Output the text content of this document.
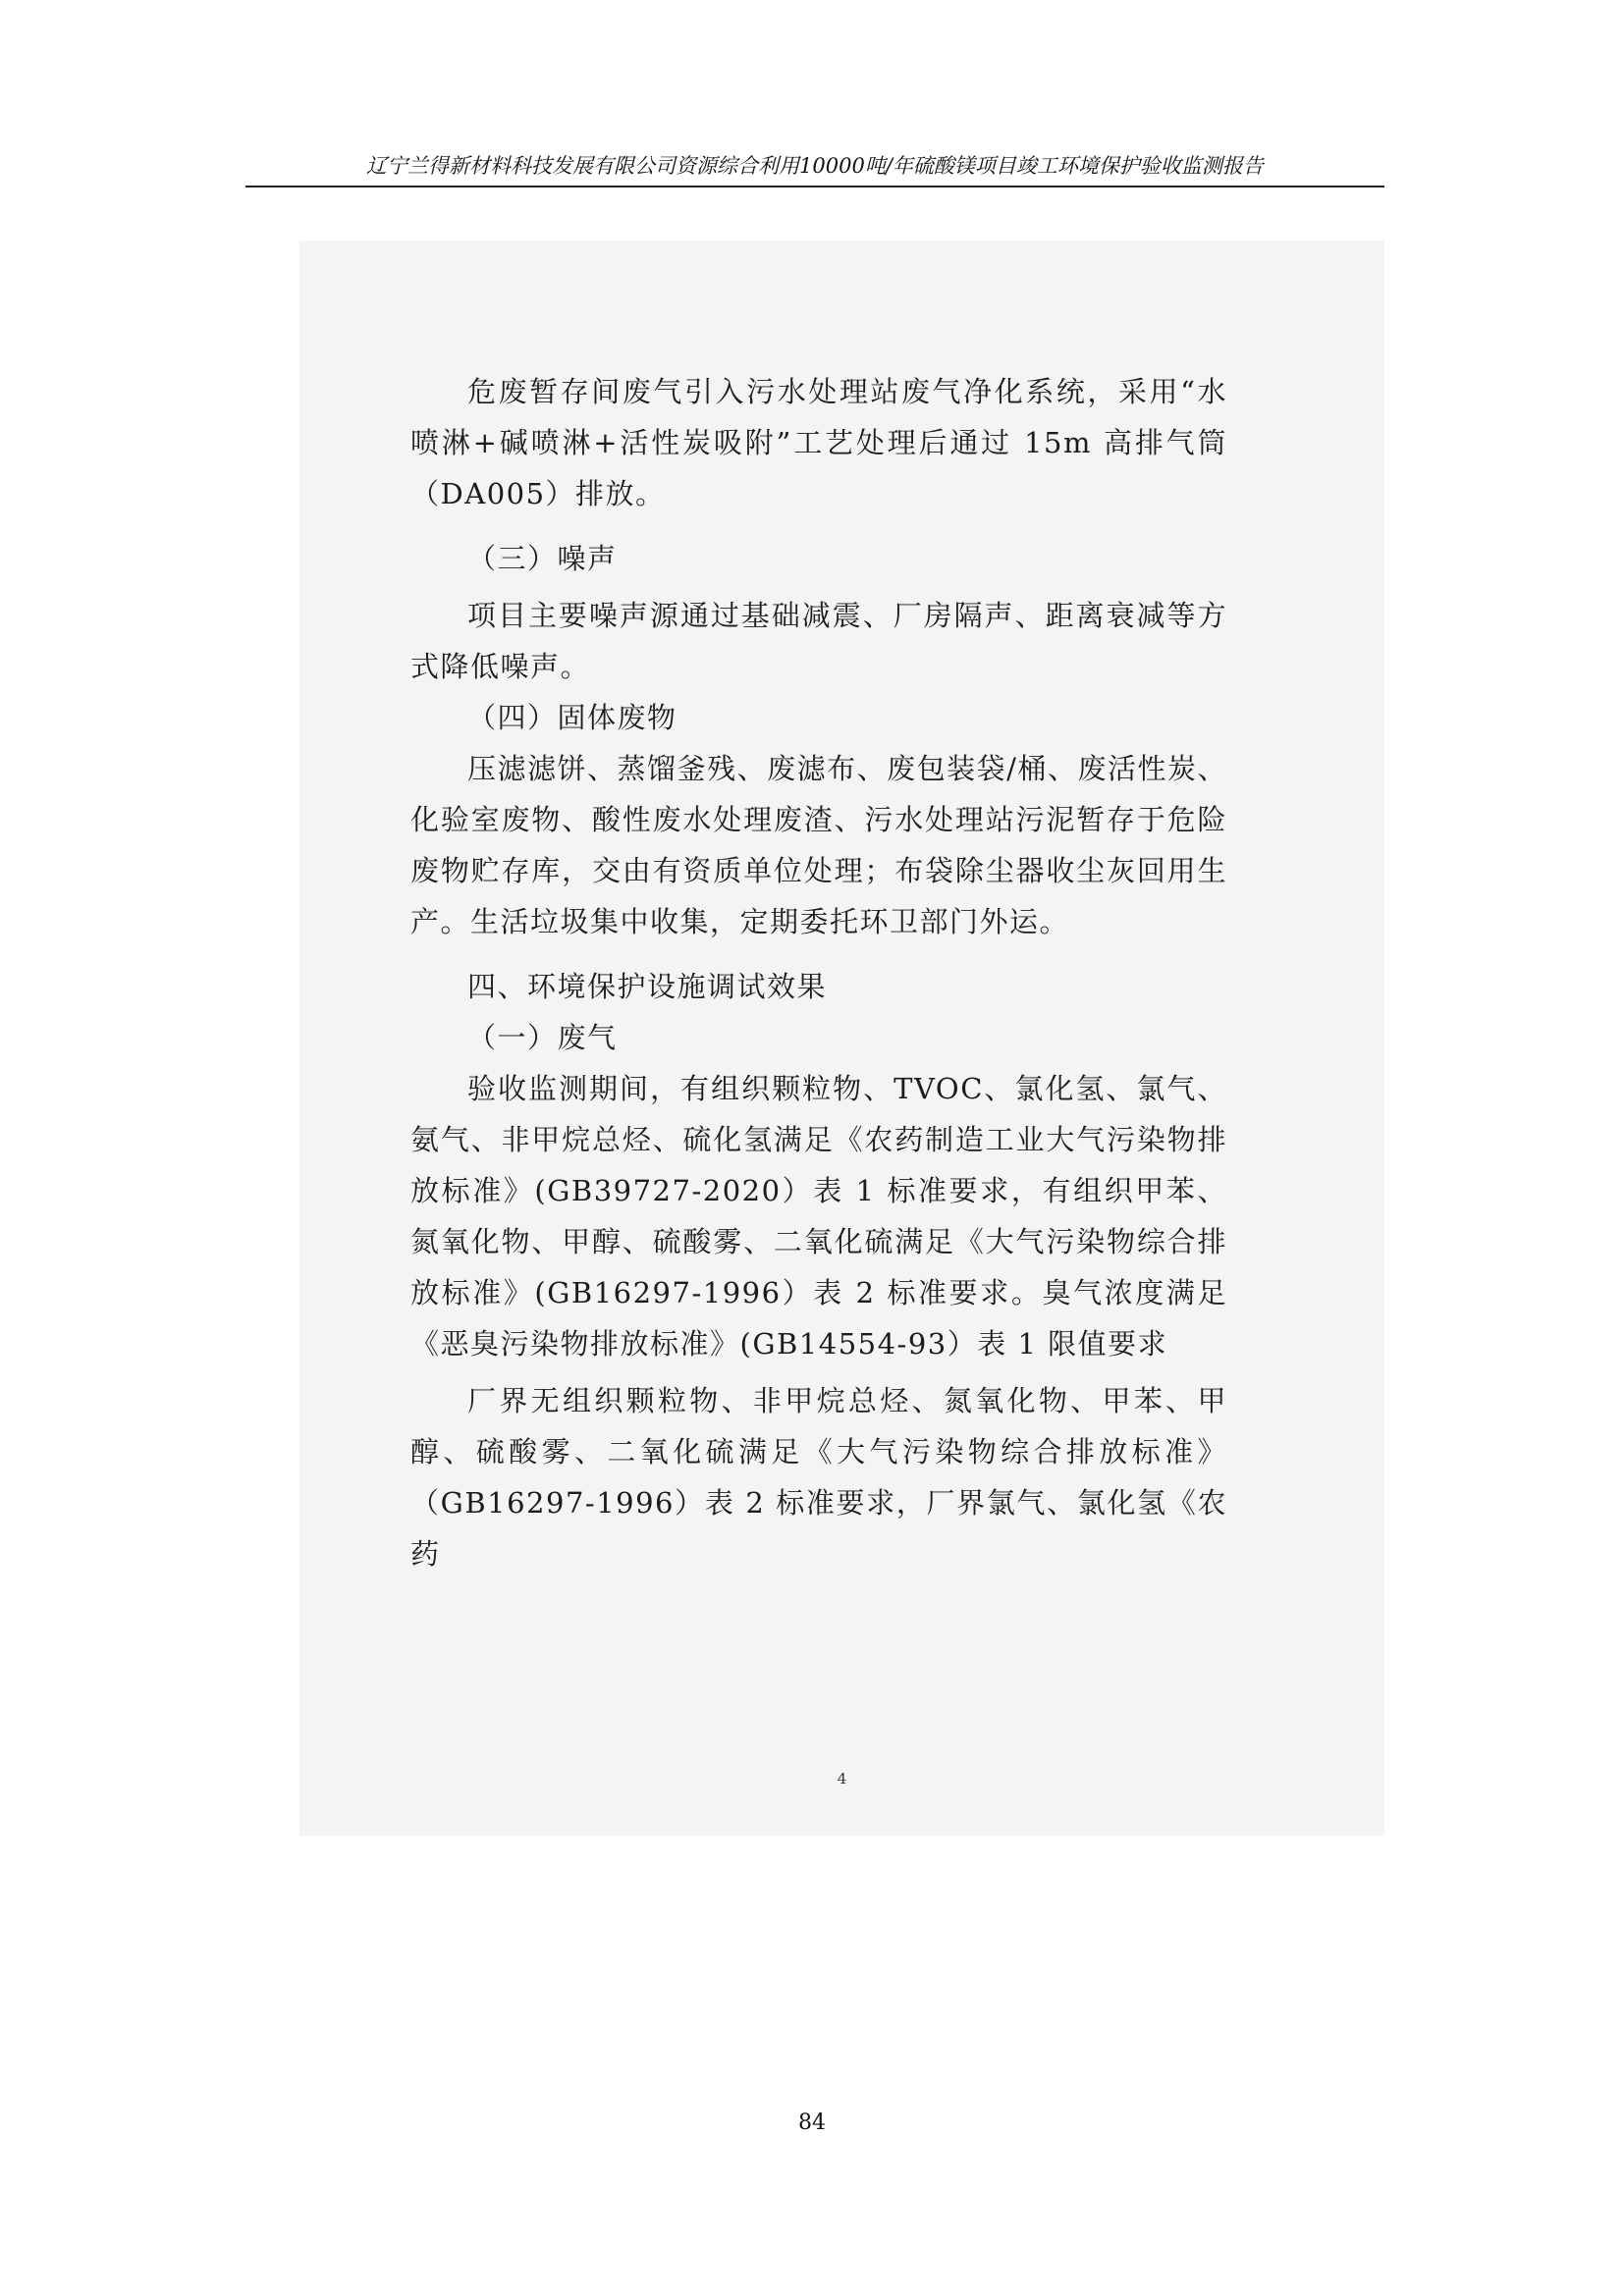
辽宁兰得新材料科技发展有限公司资源综合利用10000吨/年硫酸镁项目竣工环境保护验收监测报告

危废暂存间废气引入污水处理站废气净化系统，采用“水喷淋+碱喷淋+活性炭吸附”工艺处理后通过 15m 高排气筒（DA005）排放。

（三）噪声

项目主要噪声源通过基础减震、厂房隔声、距离衰减等方式降低噪声。

（四）固体废物

压滤滤饼、蒸馏釜残、废滤布、废包装袋/桶、废活性炭、化验室废物、酸性废水处理废渣、污水处理站污泥暂存于危险废物贮存库，交由有资质单位处理；布袋除尘器收尘灰回用生产。生活垃圾集中收集，定期委托环卫部门外运。

四、环境保护设施调试效果

（一）废气

验收监测期间，有组织颗粒物、TVOC、氯化氢、氯气、氨气、非甲烷总烃、硫化氢满足《农药制造工业大气污染物排放标准》(GB39727-2020）表 1 标准要求，有组织甲苯、氮氧化物、甲醇、硫酸雾、二氧化硫满足《大气污染物综合排放标准》(GB16297-1996）表 2 标准要求。臭气浓度满足《恶臭污染物排放标准》(GB14554-93）表 1 限值要求

厂界无组织颗粒物、非甲烷总烃、氮氧化物、甲苯、甲醇、硫酸雾、二氧化硫满足《大气污染物综合排放标准》（GB16297-1996）表 2 标准要求，厂界氯气、氯化氢《农药

4
84
